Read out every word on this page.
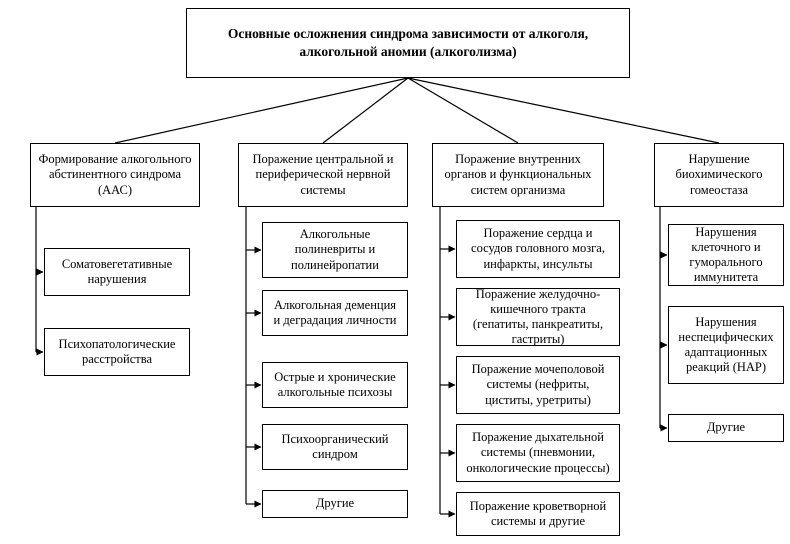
Основные осложнения синдрома зависимости от алкоголя, алкогольной аномии (алкоголизма)
Формирование алкогольного абстинентного синдрома (ААС)
Поражение центральной и периферической нервной системы
Поражение внутренних органов и функциональных систем организма
Нарушение биохимического гомеостаза
Соматовегетативные нарушения
Психопатологические расстройства
Алкогольные полиневриты и полинейропатии
Алкогольная деменция и деградация личности
Острые и хронические алкогольные психозы
Психоорганический синдром
Другие
Поражение сердца и сосудов головного мозга, инфаркты, инсульты
Поражение желудочно-кишечного тракта (гепатиты, панкреатиты, гастриты)
Поражение мочеполовой системы (нефриты, циститы, уретриты)
Поражение дыхательной системы (пневмонии, онкологические процессы)
Поражение кроветворной системы и другие
Нарушения клеточного и гуморального иммунитета
Нарушения неспецифических адаптационных реакций (НАР)
Другие
